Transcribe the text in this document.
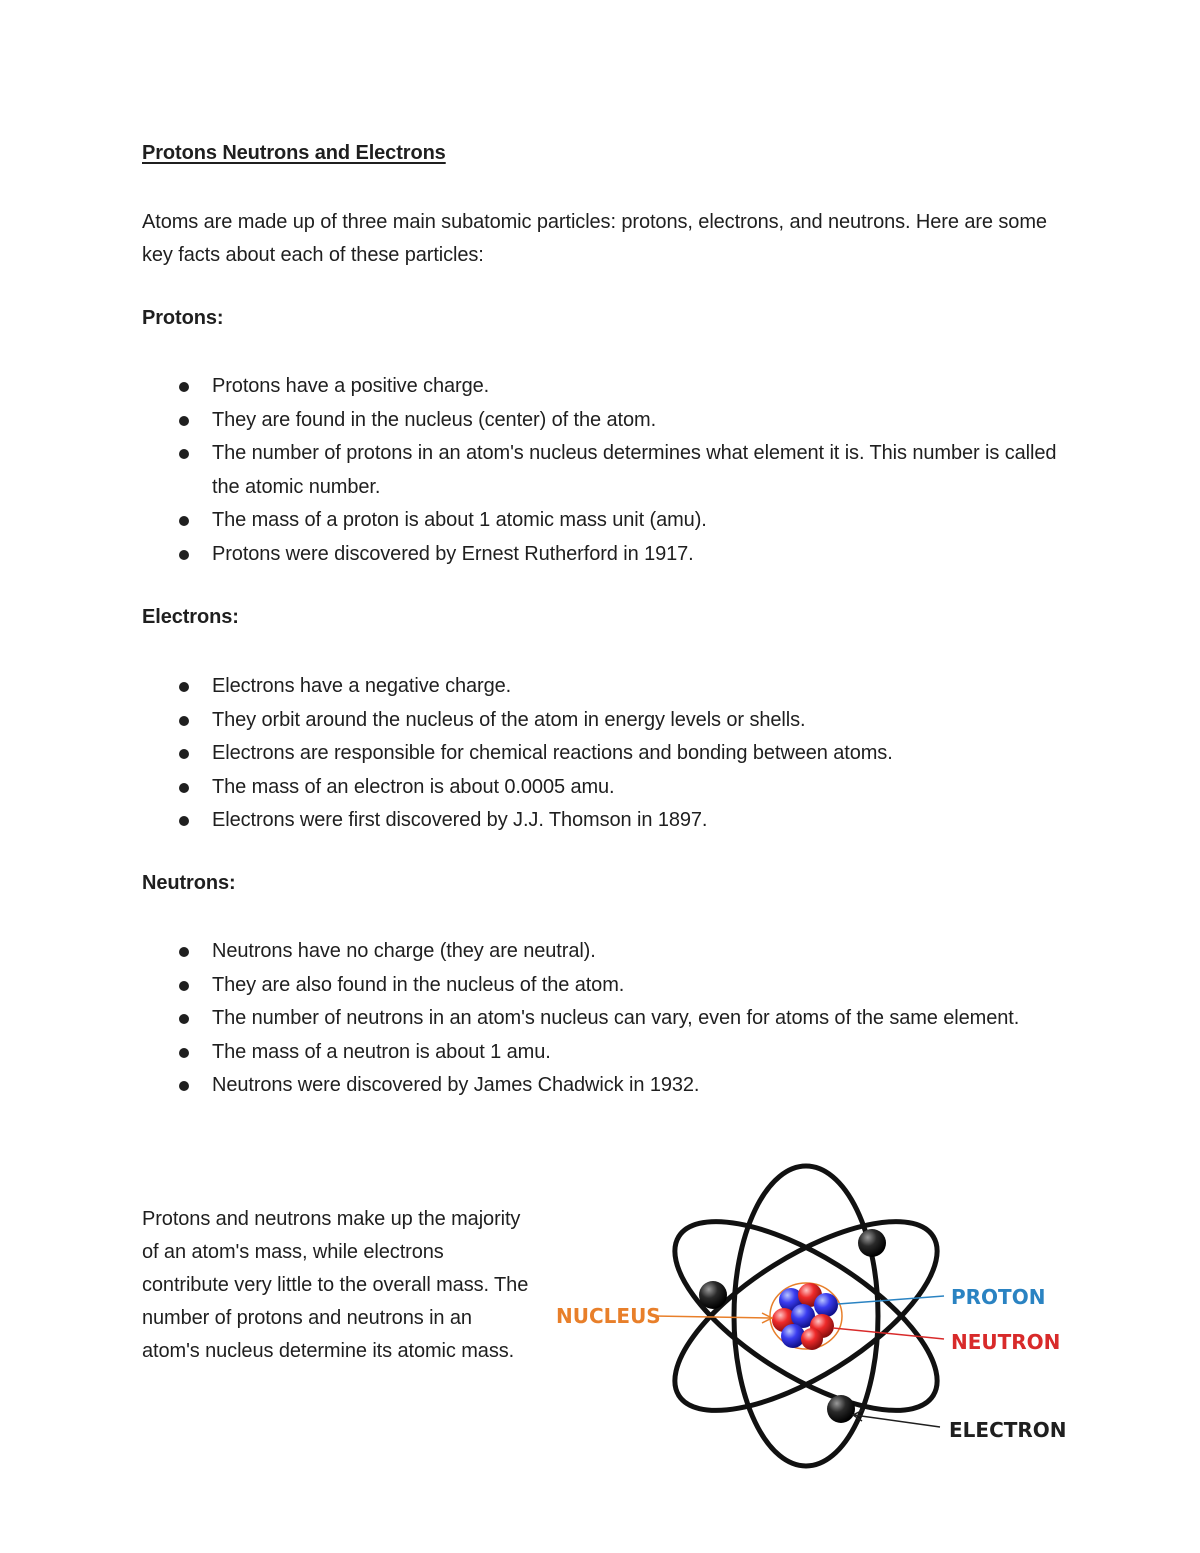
Protons Neutrons and Electrons
Atoms are made up of three main subatomic particles: protons, electrons, and neutrons. Here are some key facts about each of these particles:
Protons:
Protons have a positive charge.
They are found in the nucleus (center) of the atom.
The number of protons in an atom's nucleus determines what element it is. This number is called the atomic number.
The mass of a proton is about 1 atomic mass unit (amu).
Protons were discovered by Ernest Rutherford in 1917.
Electrons:
Electrons have a negative charge.
They orbit around the nucleus of the atom in energy levels or shells.
Electrons are responsible for chemical reactions and bonding between atoms.
The mass of an electron is about 0.0005 amu.
Electrons were first discovered by J.J. Thomson in 1897.
Neutrons:
Neutrons have no charge (they are neutral).
They are also found in the nucleus of the atom.
The number of neutrons in an atom's nucleus can vary, even for atoms of the same element.
The mass of a neutron is about 1 amu.
Neutrons were discovered by James Chadwick in 1932.
Protons and neutrons make up the majority of an atom's mass, while electrons contribute very little to the overall mass. The number of protons and neutrons in an atom's nucleus determine its atomic mass.
NUCLEUS
PROTON
NEUTRON
ELECTRON
